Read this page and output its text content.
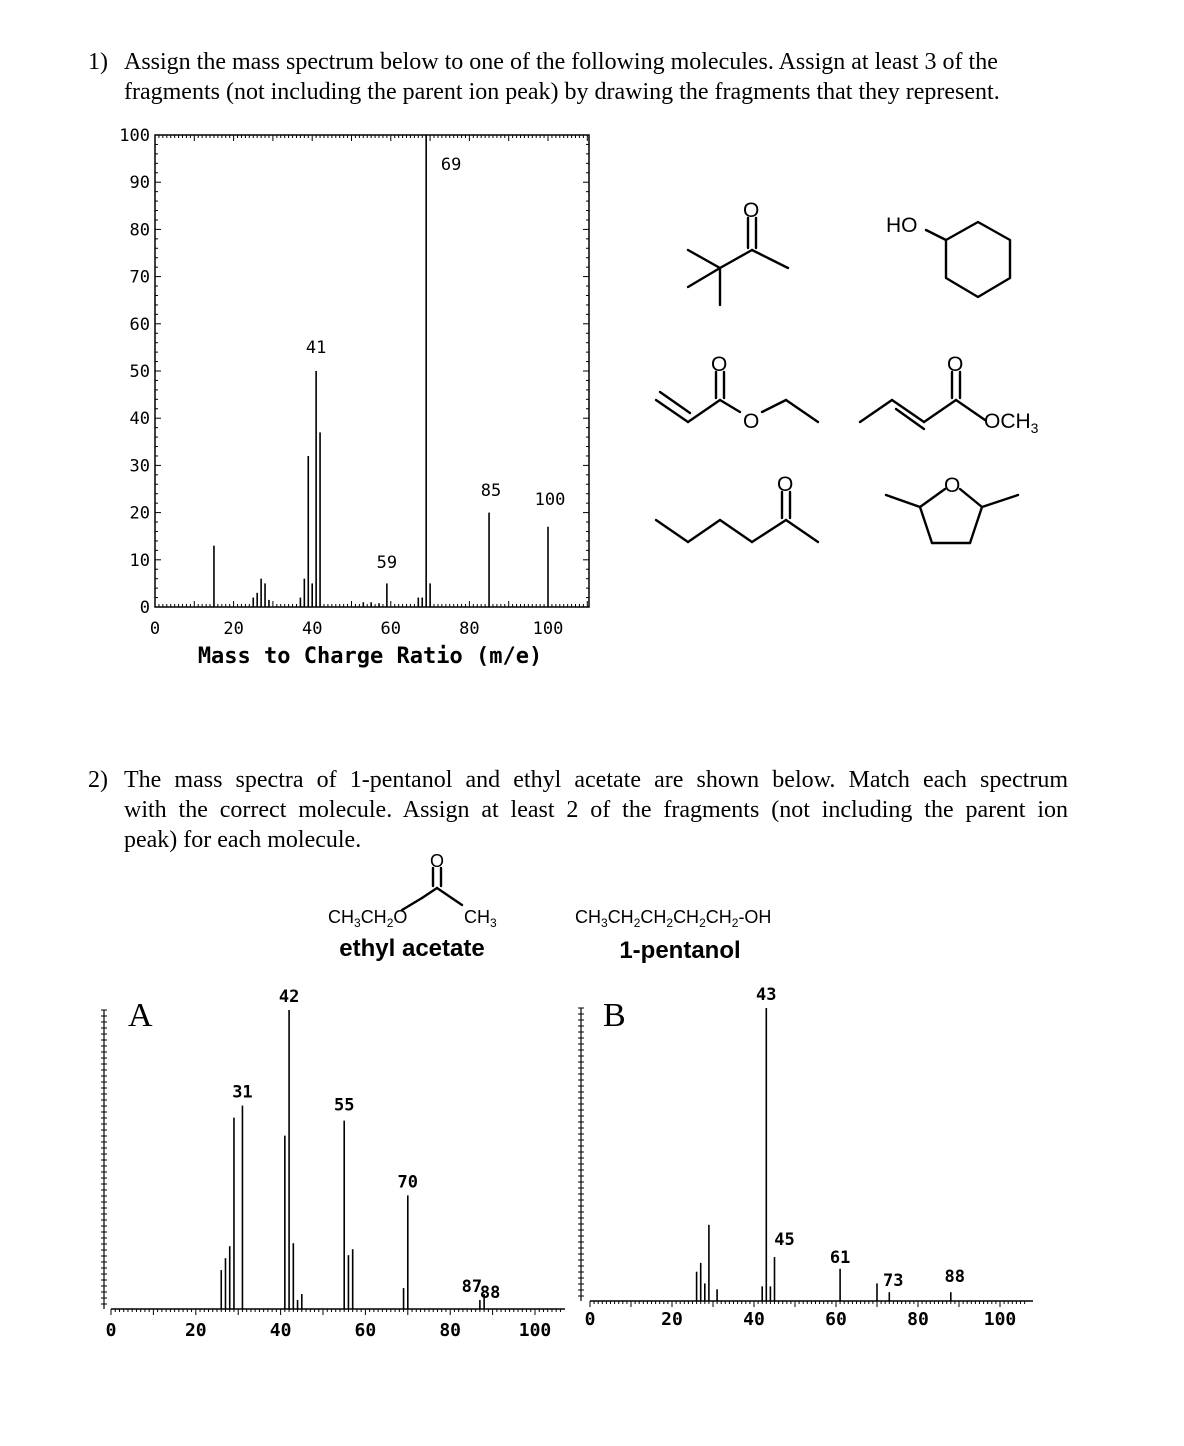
1) Assign the mass spectrum below to one of the following molecules. Assign at least 3 of the
fragments (not including the parent ion peak) by drawing the fragments that they represent.
2) The mass spectra of 1-pentanol and ethyl acetate are shown below. Match each spectrum
with the correct molecule. Assign at least 2 of the fragments (not including the parent ion
peak) for each molecule.
0
10
20
30
40
50
60
70
80
90
100
0	20	40	60	80	100
69
41
85 100
59
Mass to Charge Ratio (m/e)
0	20	40	60	80	100
42
31
55
70
87
88
A
0	20	40	60	80	100
43
45
61
73 88
B
O
HO
O
O
O
$OCH_3$
O	O
O
$CH_3CH_2O$	$CH_3$
ethyl acetate
$CH_3CH_2CH_2CH_2CH_2-OH$
1-pentanol
